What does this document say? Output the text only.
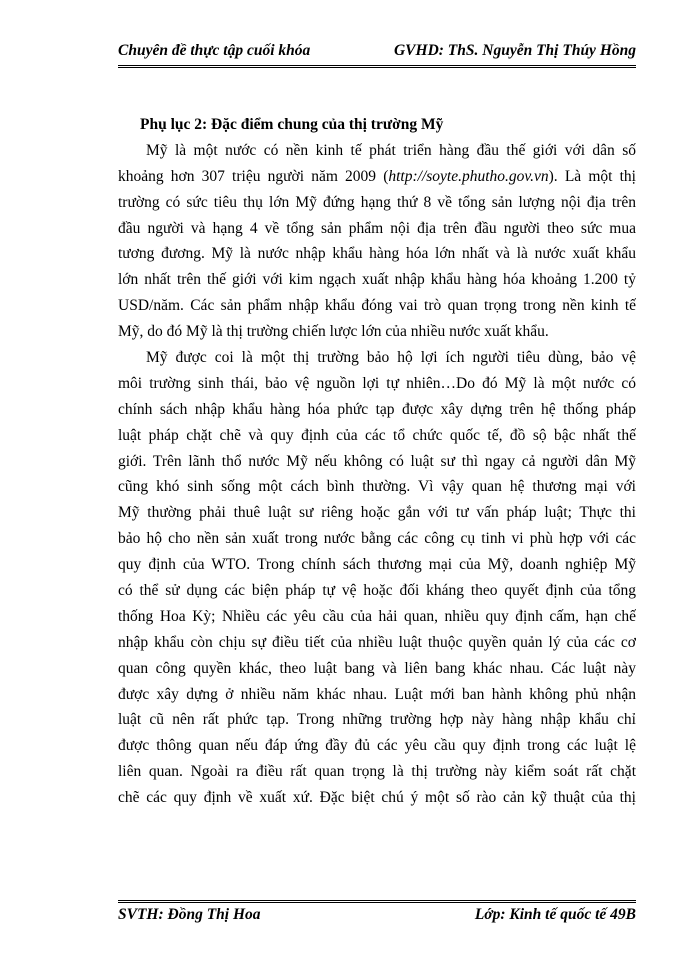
Chuyên đề thực tập cuối khóa	GVHD: ThS. Nguyễn Thị Thúy Hồng
Phụ lục 2: Đặc điểm chung của thị trường Mỹ
Mỹ là một nước có nền kinh tế phát triển hàng đầu thế giới với dân số
khoảng hơn 307 triệu người năm 2009 (http://soyte.phutho.gov.vn). Là một thị
trường có sức tiêu thụ lớn Mỹ đứng hạng thứ 8 về tổng sản lượng nội địa trên
đầu người và hạng 4 về tổng sản phẩm nội địa trên đầu người theo sức mua
tương đương. Mỹ là nước nhập khẩu hàng hóa lớn nhất và là nước xuất khẩu
lớn nhất trên thế giới với kim ngạch xuất nhập khẩu hàng hóa khoảng 1.200 tỷ
USD/năm. Các sản phẩm nhập khẩu đóng vai trò quan trọng trong nền kinh tế
Mỹ, do đó Mỹ là thị trường chiến lược lớn của nhiều nước xuất khẩu.
Mỹ được coi là một thị trường bảo hộ lợi ích người tiêu dùng, bảo vệ
môi trường sinh thái, bảo vệ nguồn lợi tự nhiên…Do đó Mỹ là một nước có
chính sách nhập khẩu hàng hóa phức tạp được xây dựng trên hệ thống pháp
luật pháp chặt chẽ và quy định của các tổ chức quốc tế, đồ sộ bậc nhất thế
giới. Trên lãnh thổ nước Mỹ nếu không có luật sư thì ngay cả người dân Mỹ
cũng khó sinh sống một cách bình thường. Vì vậy quan hệ thương mại với
Mỹ thường phải thuê luật sư riêng hoặc gắn với tư vấn pháp luật; Thực thi
bảo hộ cho nền sản xuất trong nước bằng các công cụ tinh vi phù hợp với các
quy định của WTO. Trong chính sách thương mại của Mỹ, doanh nghiệp Mỹ
có thể sử dụng các biện pháp tự vệ hoặc đối kháng theo quyết định của tổng
thống Hoa Kỳ; Nhiều các yêu cầu của hải quan, nhiều quy định cấm, hạn chế
nhập khẩu còn chịu sự điều tiết của nhiều luật thuộc quyền quản lý của các cơ
quan công quyền khác, theo luật bang và liên bang khác nhau. Các luật này
được xây dựng ở nhiều năm khác nhau. Luật mới ban hành không phủ nhận
luật cũ nên rất phức tạp. Trong những trường hợp này hàng nhập khẩu chỉ
được thông quan nếu đáp ứng đầy đủ các yêu cầu quy định trong các luật lệ
liên quan. Ngoài ra điều rất quan trọng là thị trường này kiểm soát rất chặt
chẽ các quy định về xuất xứ. Đặc biệt chú ý một số rào cản kỹ thuật của thị
SVTH: Đồng Thị Hoa	Lớp: Kinh tế quốc tế 49B
